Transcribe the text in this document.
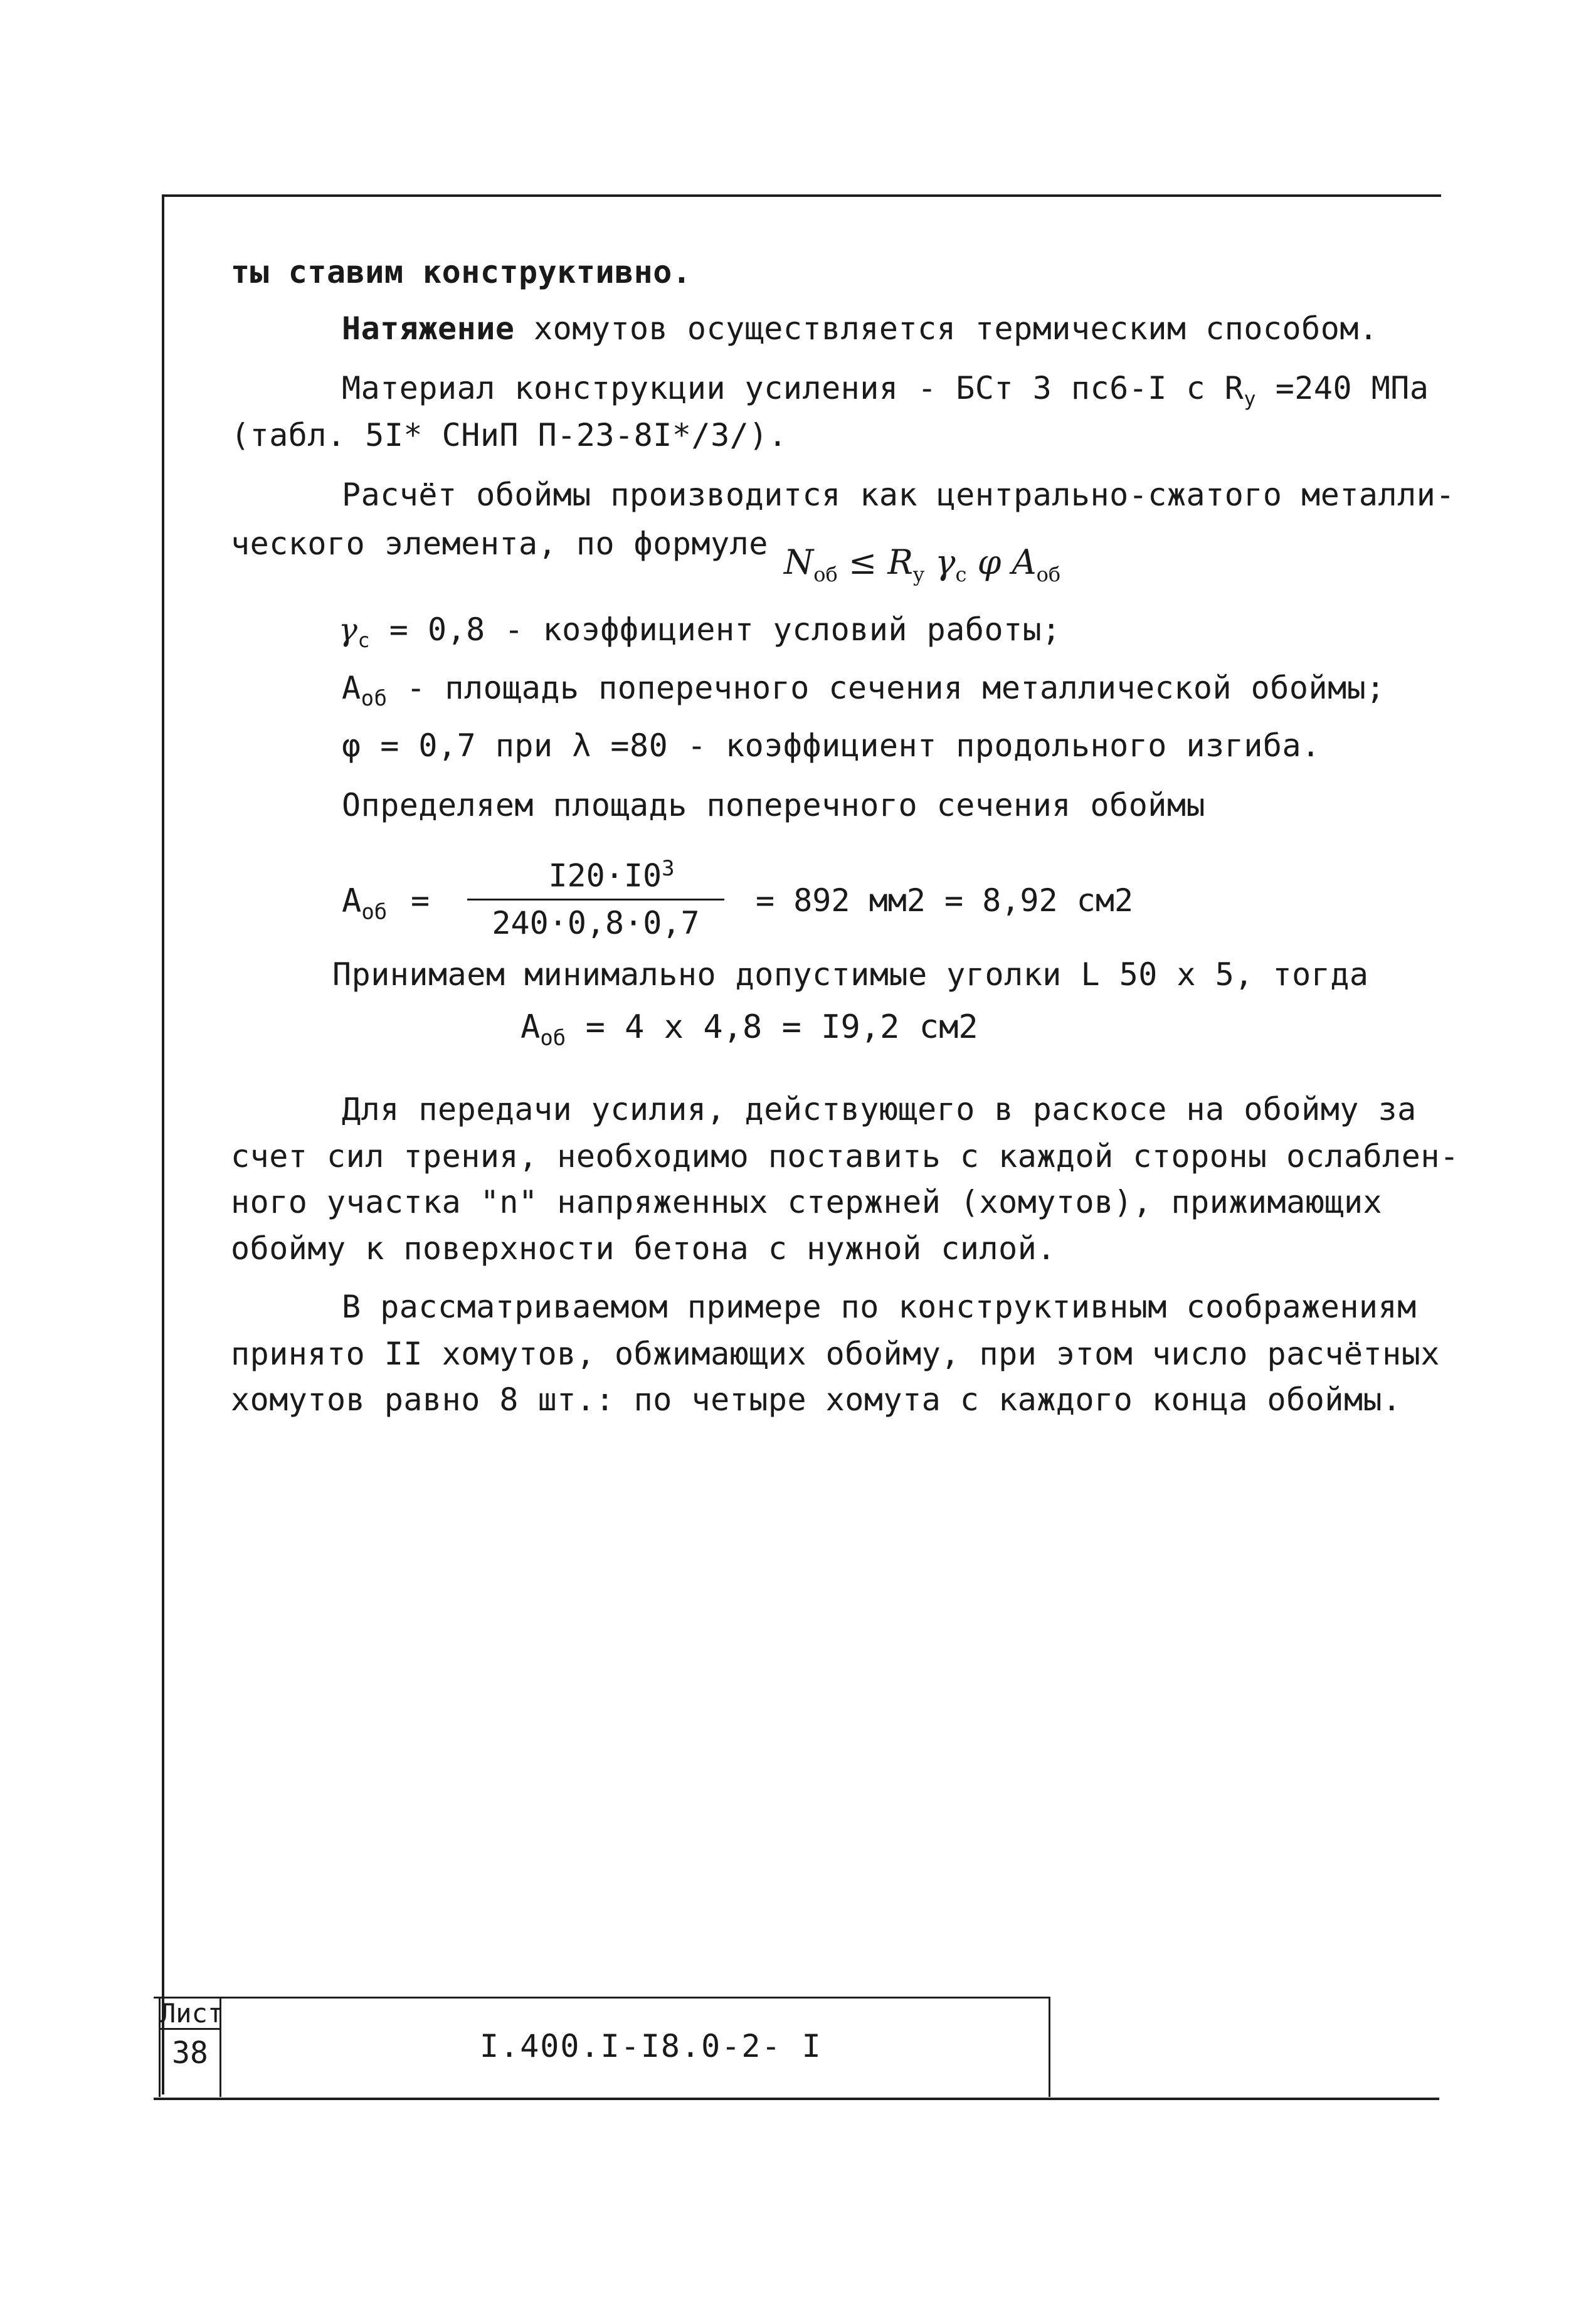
ты ставим конструктивно.
Натяжение хомутов осуществляется термическим способом.
Материал конструкции усиления - БСт 3 пс6-I с $R_y =240$ МПа
(табл. 5I* СНиП П-23-8I*/3/).
Расчёт обоймы производится как центрально-сжатого металли-
ческого элемента, по формуле $N_{об} \le R_y$ $\gamma_c$ φ $A_{об}$
$\gamma_c = 0,8$ - коэффициент условий работы;
$A_{об}$ - площадь поперечного сечения металлической обоймы;
φ = 0,7 при λ =80 - коэффициент продольного изгиба.
Определяем площадь поперечного сечения обоймы
$A_{об}$ =
$I20\cdot I0^3$
240·0,8·0,7
= 892 мм2 = 8,92 см2
Принимаем минимально допустимые уголки L 50 x 5, тогда
$A_{об} = 4$ x 4,8 = I9,2 см2
Для передачи усилия, действующего в раскосе на обойму за
счет сил трения, необходимо поставить с каждой стороны ослаблен-
ного участка "n" напряженных стержней (хомутов), прижимающих
обойму к поверхности бетона с нужной силой.
В рассматриваемом примере по конструктивным соображениям
принято II хомутов, обжимающих обойму, при этом число расчётных
хомутов равно 8 шт.: по четыре хомута с каждого конца обоймы.
Лист
38	I.400.I-I8.0-2- I
